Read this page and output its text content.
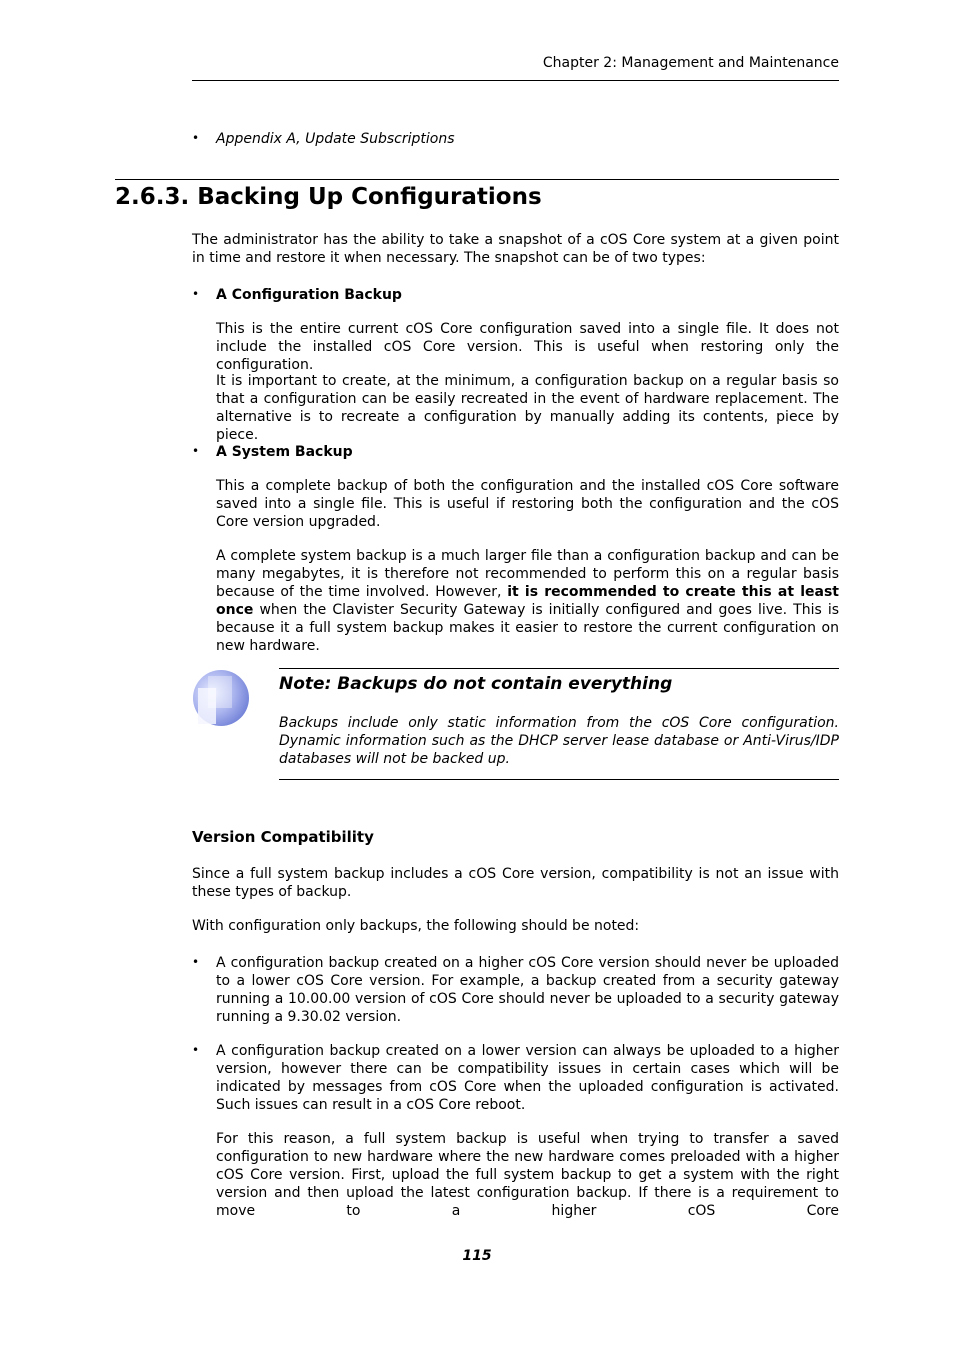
Chapter 2: Management and Maintenance
• Appendix A, Update Subscriptions
2.6.3. Backing Up Configurations
The administrator has the ability to take a snapshot of a cOS Core system at a given point in time and restore it when necessary. The snapshot can be of two types:
• A Configuration Backup
This is the entire current cOS Core configuration saved into a single file. It does not include the installed cOS Core version. This is useful when restoring only the configuration.
It is important to create, at the minimum, a configuration backup on a regular basis so that a configuration can be easily recreated in the event of hardware replacement. The alternative is to recreate a configuration by manually adding its contents, piece by piece.
• A System Backup
This a complete backup of both the configuration and the installed cOS Core software saved into a single file. This is useful if restoring both the configuration and the cOS Core version upgraded.
A complete system backup is a much larger file than a configuration backup and can be many megabytes, it is therefore not recommended to perform this on a regular basis because of the time involved. However, it is recommended to create this at least once when the Clavister Security Gateway is initially configured and goes live. This is because it a full system backup makes it easier to restore the current configuration on new hardware.
Note: Backups do not contain everything
Backups include only static information from the cOS Core configuration. Dynamic information such as the DHCP server lease database or Anti-Virus/IDP databases will not be backed up.
Version Compatibility
Since a full system backup includes a cOS Core version, compatibility is not an issue with these types of backup.
With configuration only backups, the following should be noted:
• A configuration backup created on a higher cOS Core version should never be uploaded to a lower cOS Core version. For example, a backup created from a security gateway running a 10.00.00 version of cOS Core should never be uploaded to a security gateway running a 9.30.02 version.
• A configuration backup created on a lower version can always be uploaded to a higher version, however there can be compatibility issues in certain cases which will be indicated by messages from cOS Core when the uploaded configuration is activated. Such issues can result in a cOS Core reboot.
For this reason, a full system backup is useful when trying to transfer a saved configuration to new hardware where the new hardware comes preloaded with a higher cOS Core version. First, upload the full system backup to get a system with the right version and then upload the latest configuration backup. If there is a requirement to move to a higher cOS Core
115
